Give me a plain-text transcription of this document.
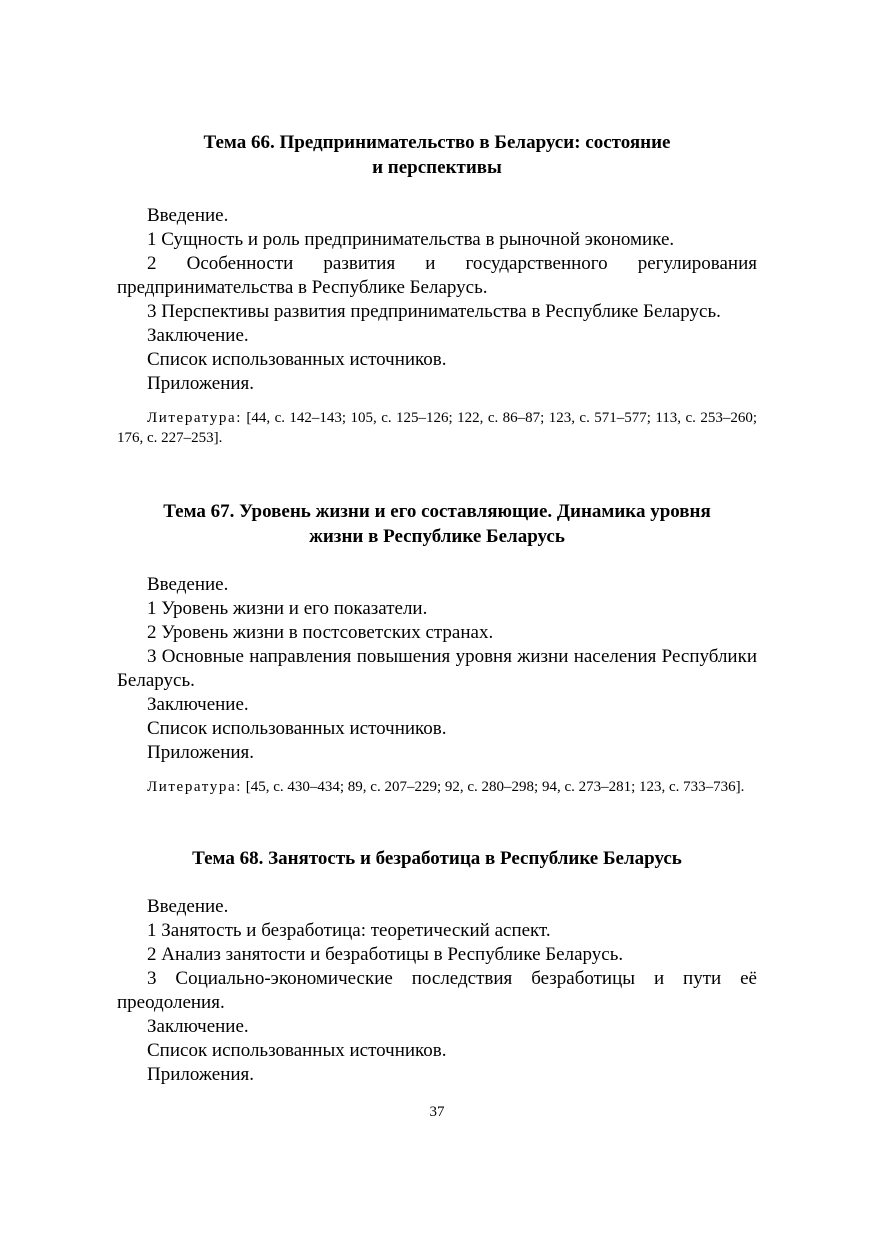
Тема 66. Предпринимательство в Беларуси: состояние
и перспективы

Введение.

1 Сущность и роль предпринимательства в рыночной экономике.

2 Особенности развития и государственного регулирования предпринимательства в Республике Беларусь.

3 Перспективы развития предпринимательства в Республике Беларусь.

Заключение.

Список использованных источников.

Приложения.

Литература: [44, с. 142–143; 105, с. 125–126; 122, с. 86–87; 123, с. 571–577; 113, с. 253–260; 176, с. 227–253].

Тема 67. Уровень жизни и его составляющие. Динамика уровня
жизни в Республике Беларусь

Введение.

1 Уровень жизни и его показатели.

2 Уровень жизни в постсоветских странах.

3 Основные направления повышения уровня жизни населения Республики Беларусь.

Заключение.

Список использованных источников.

Приложения.

Литература: [45, с. 430–434; 89, с. 207–229; 92, с. 280–298; 94, с. 273–281; 123, с. 733–736].

Тема 68. Занятость и безработица в Республике Беларусь

Введение.

1 Занятость и безработица: теоретический аспект.

2 Анализ занятости и безработицы в Республике Беларусь.

3 Социально-экономические последствия безработицы и пути её преодоления.

Заключение.

Список использованных источников.

Приложения.

37
